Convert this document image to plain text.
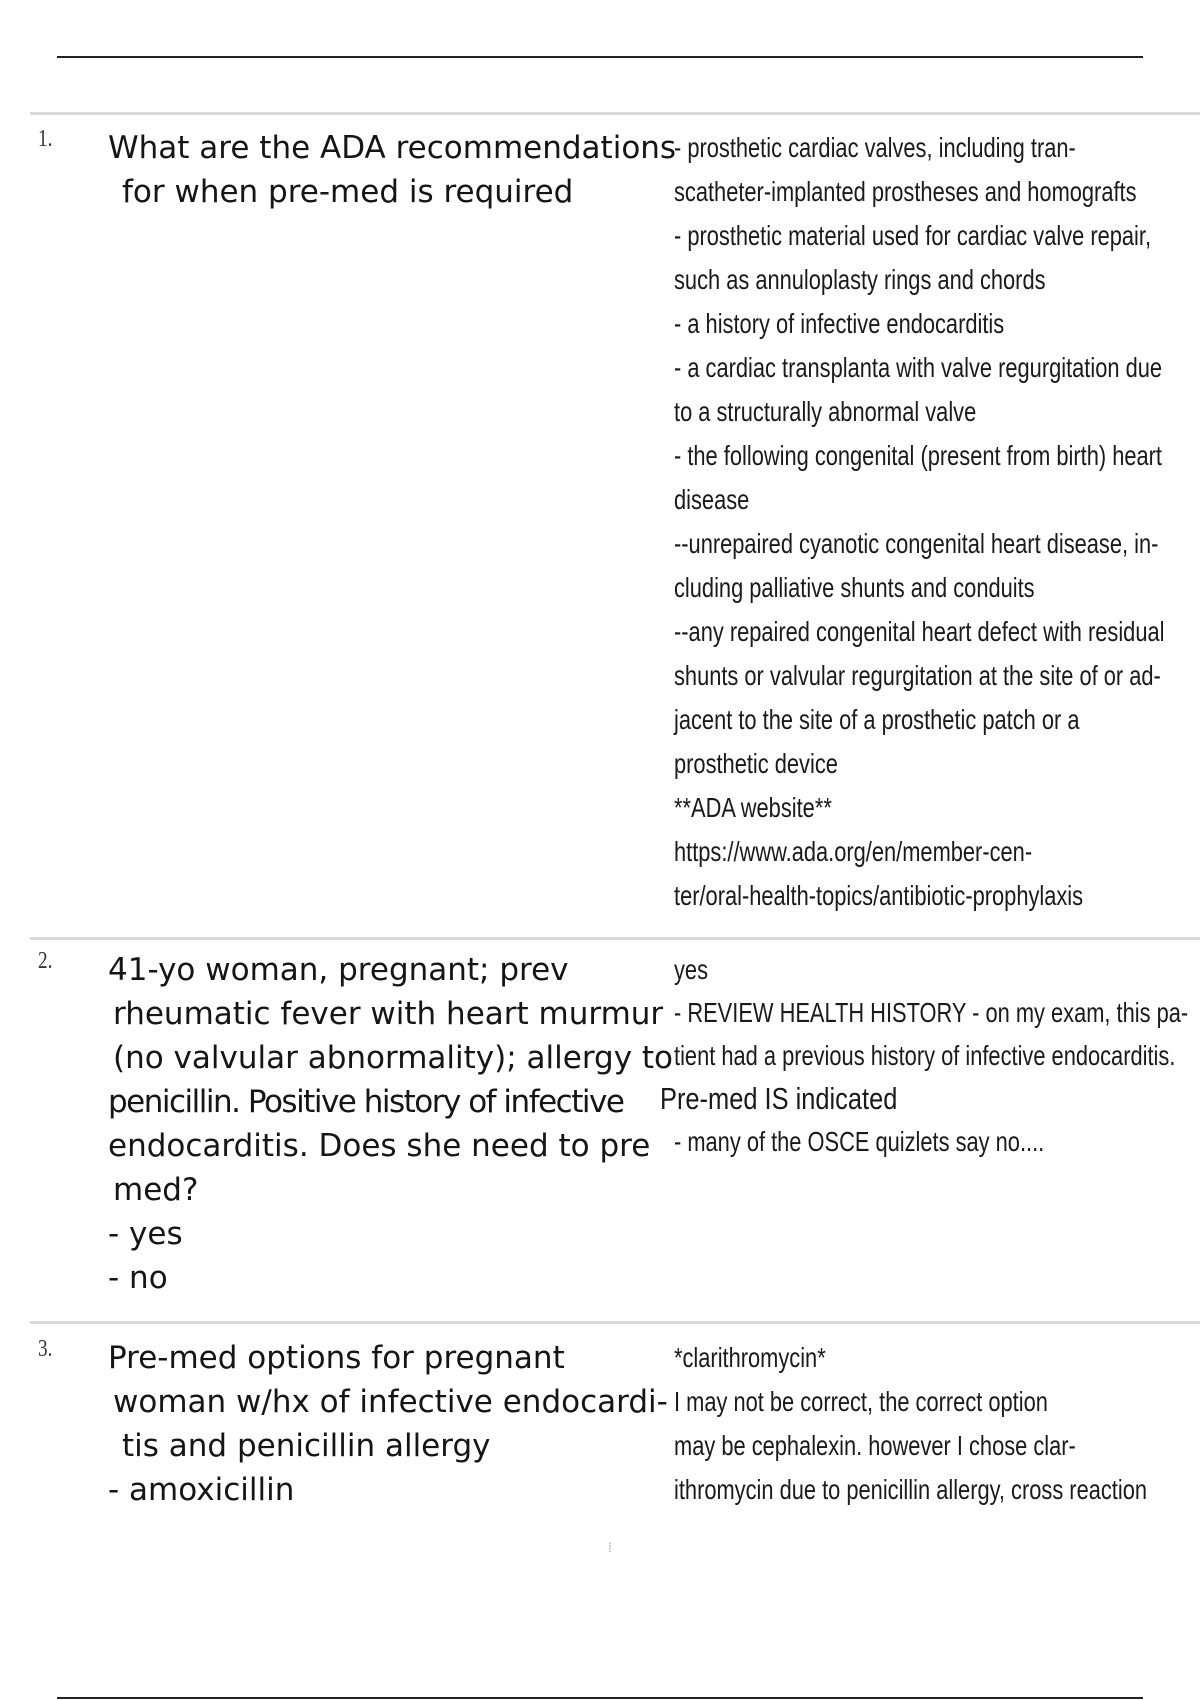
1. What are the ADA recommendations
for when pre-med is required
- prosthetic cardiac valves, including tran-
scatheter-implanted prostheses and homografts
- prosthetic material used for cardiac valve repair,
such as annuloplasty rings and chords
- a history of infective endocarditis
- a cardiac transplanta with valve regurgitation due
to a structurally abnormal valve
- the following congenital (present from birth) heart
disease
--unrepaired cyanotic congenital heart disease, in-
cluding palliative shunts and conduits
--any repaired congenital heart defect with residual
shunts or valvular regurgitation at the site of or ad-
jacent to the site of a prosthetic patch or a
prosthetic device
**ADA website**
https://www.ada.org/en/member-cen-
ter/oral-health-topics/antibiotic-prophylaxis
2. 41-yo woman, pregnant; prev
rheumatic fever with heart murmur
(no valvular abnormality); allergy to
penicillin. Positive history of infective
endocarditis. Does she need to pre
med?
- yes
- no
yes
- REVIEW HEALTH HISTORY - on my exam, this pa-
tient had a previous history of infective endocarditis.
Pre-med IS indicated
- many of the OSCE quizlets say no....
3. Pre-med options for pregnant
woman w/hx of infective endocardi-
tis and penicillin allergy
- amoxicillin
*clarithromycin*
I may not be correct, the correct option
may be cephalexin. however I chose clar-
ithromycin due to penicillin allergy, cross reaction
⁞
